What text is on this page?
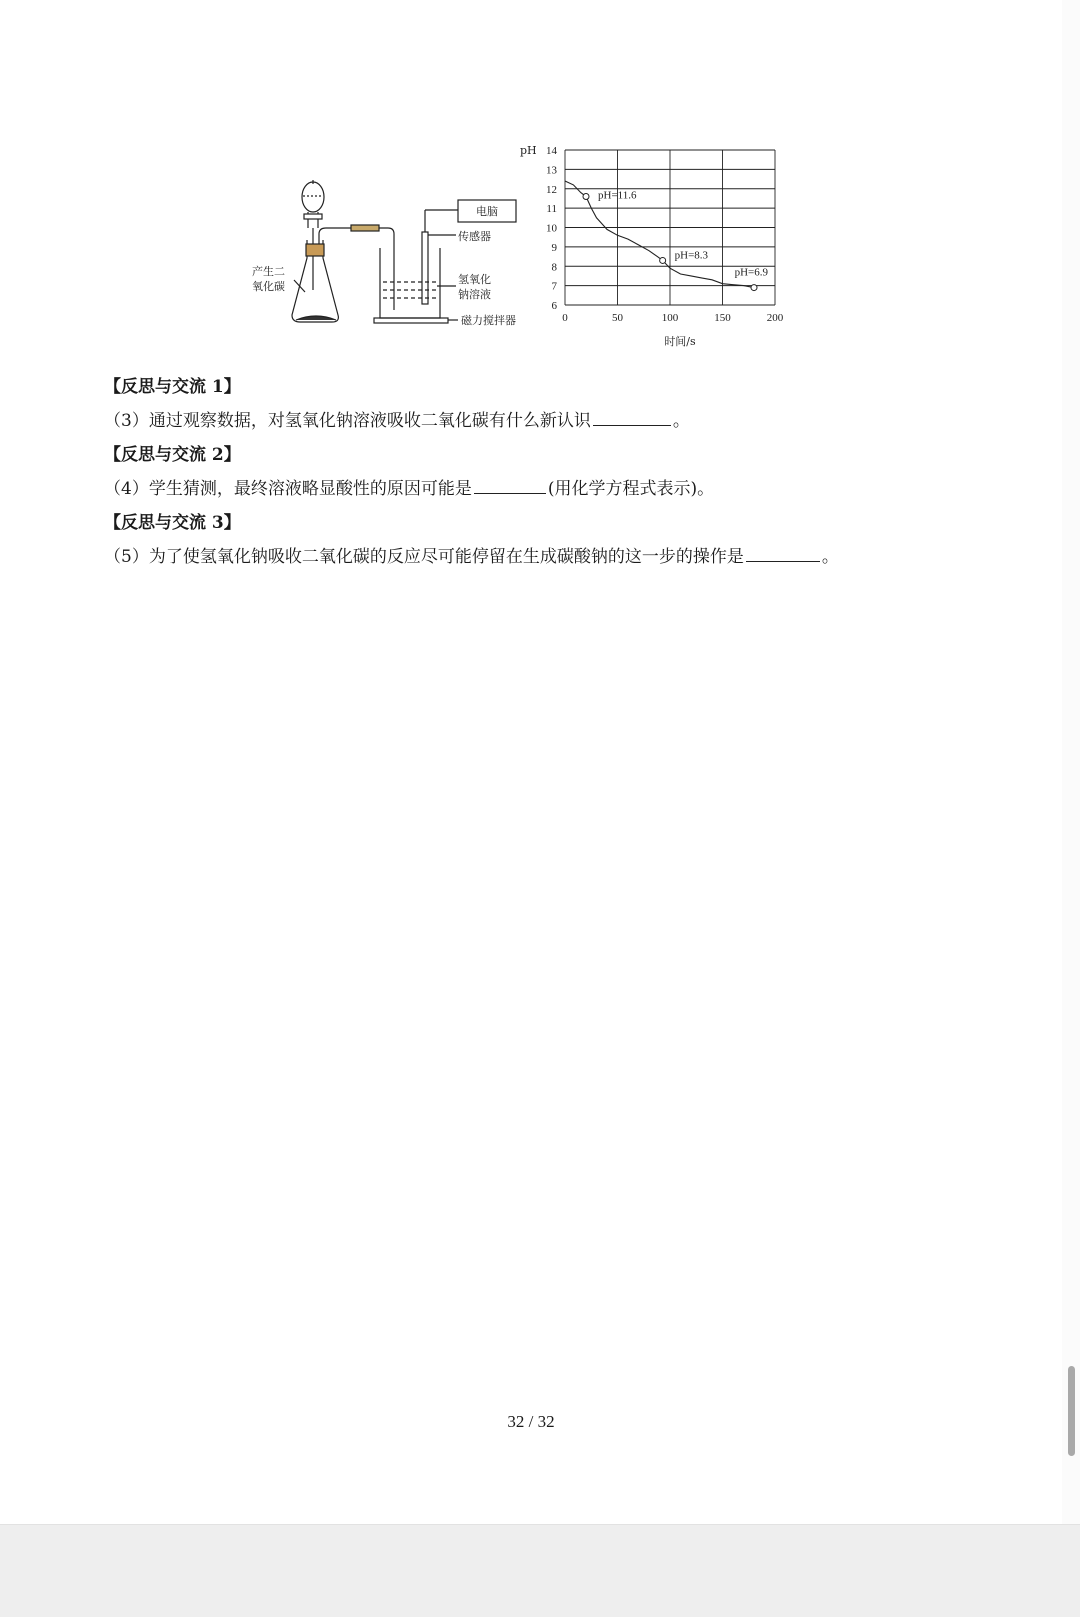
电脑
传感器
产生二
氧化碳
氢氧化
钠溶液
磁力搅拌器
6
7
8
9
10
11
12
13
14
0	50	100	150	200
pH=11.6
pH=8.3
pH=6.9
pH
时间/s
【反思与交流 1】
（3）通过观察数据，对氢氧化钠溶液吸收二氧化碳有什么新认识	。
【反思与交流 2】
（4）学生猜测，最终溶液略显酸性的原因可能是	(用化学方程式表示)。
【反思与交流 3】
（5）为了使氢氧化钠吸收二氧化碳的反应尽可能停留在生成碳酸钠的这一步的操作是	。
32 / 32
